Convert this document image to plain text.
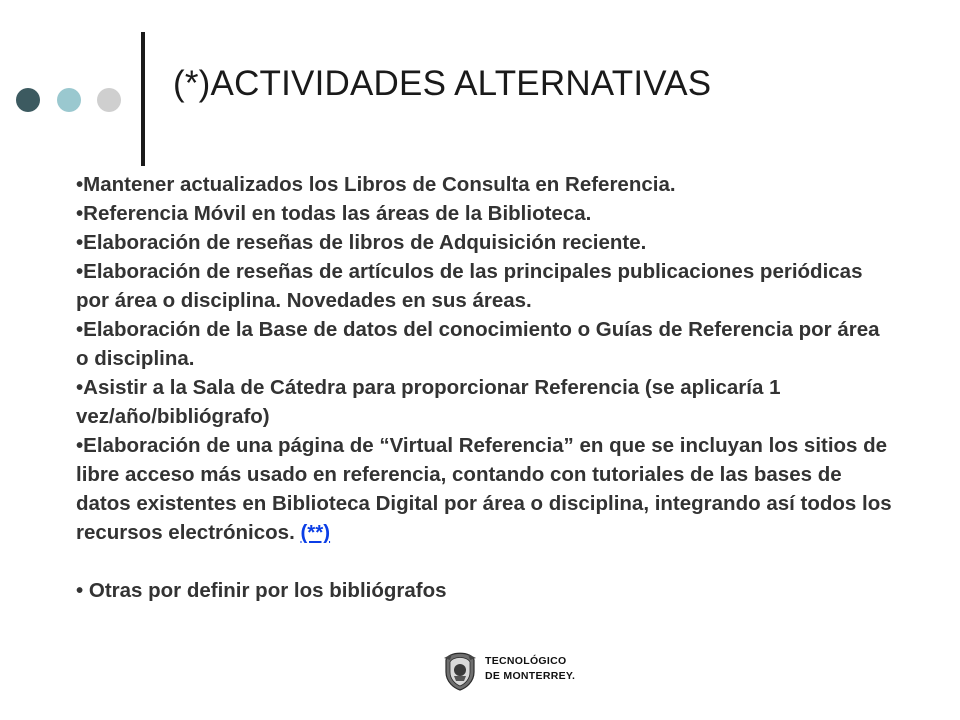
(*)ACTIVIDADES ALTERNATIVAS

•Mantener actualizados los Libros de Consulta en Referencia.

•Referencia Móvil en todas las áreas de la Biblioteca.

•Elaboración de reseñas de libros de Adquisición reciente.

•Elaboración de reseñas de artículos de las principales publicaciones periódicas por área o disciplina. Novedades en sus áreas.

•Elaboración de la Base de datos del conocimiento o Guías de Referencia por área o disciplina.

•Asistir a la Sala de Cátedra para proporcionar Referencia (se aplicaría 1 vez/año/bibliógrafo)

•Elaboración de una página de “Virtual Referencia” en que se incluyan los sitios de libre acceso más usado en referencia, contando con tutoriales de las bases de datos existentes en Biblioteca Digital por área o disciplina, integrando así todos los recursos electrónicos. (**)

• Otras por definir por los bibliógrafos

TECNOLÓGICO
DE MONTERREY.
